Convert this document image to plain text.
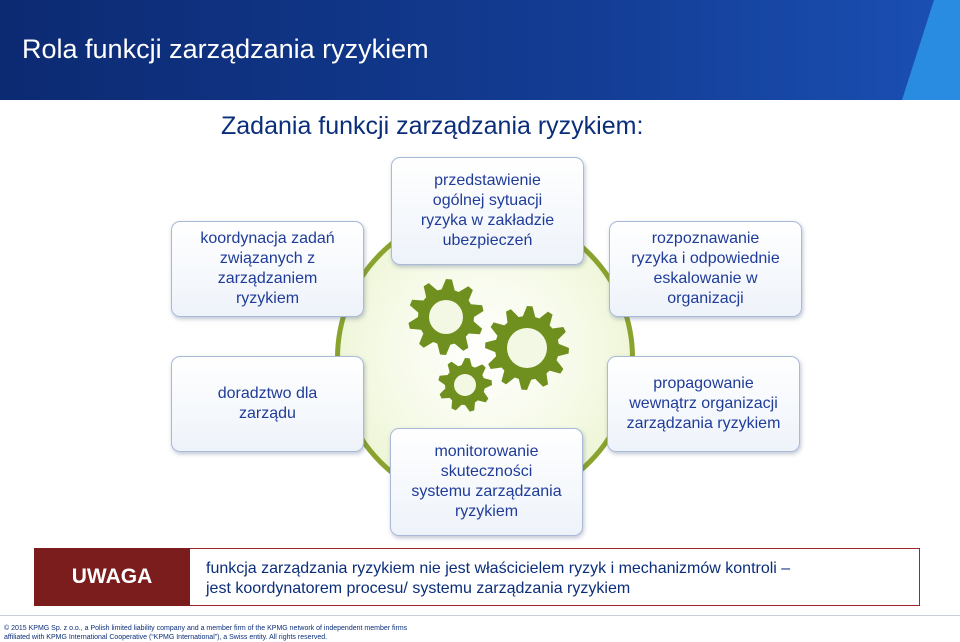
Rola funkcji zarządzania ryzykiem
Zadania funkcji zarządzania ryzykiem:
koordynacja zadań
związanych z
zarządzaniem
ryzykiem
przedstawienie
ogólnej sytuacji
ryzyka w zakładzie
ubezpieczeń	rozpoznawanie
ryzyka i odpowiednie
eskalowanie w
organizacji
doradztwo dla
zarządu
propagowanie
wewnątrz organizacji
zarządzania ryzykiem
monitorowanie
skuteczności
systemu zarządzania
ryzykiem
UWAGA	funkcja zarządzania ryzykiem nie jest właścicielem ryzyk i mechanizmów kontroli –
jest koordynatorem procesu/ systemu zarządzania ryzykiem
© 2015 KPMG Sp. z o.o., a Polish limited liability company and a member firm of the KPMG network of independent member firms
affiliated with KPMG International Cooperative (“KPMG International”), a Swiss entity. All rights reserved.
